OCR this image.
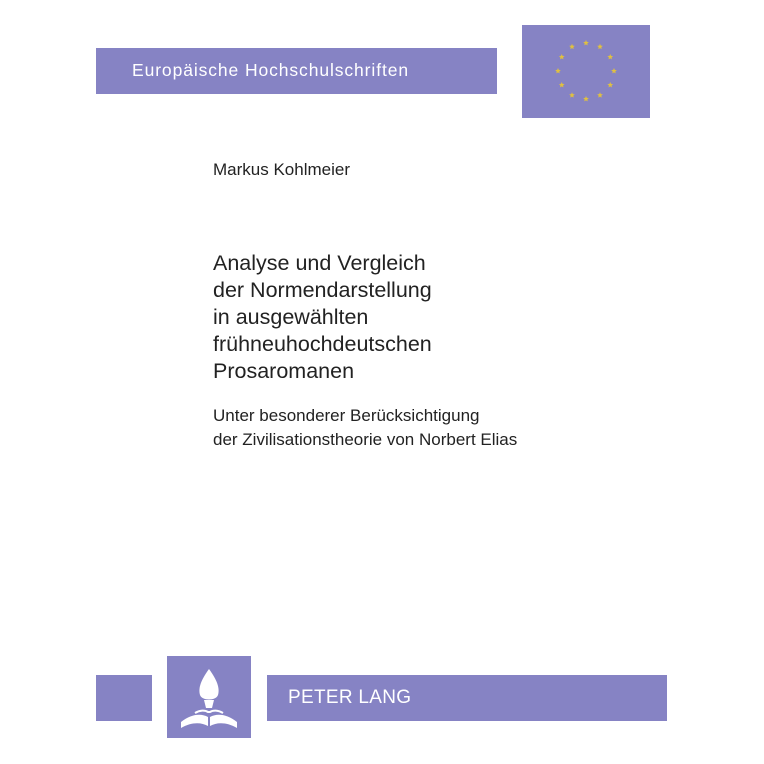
Europäische Hochschulschriften
Markus Kohlmeier
Analyse und Vergleich
der Normendarstellung
in ausgewählten
frühneuhochdeutschen
Prosaromanen
Unter besonderer Berücksichtigung
der Zivilisationstheorie von Norbert Elias
PETER LANG
